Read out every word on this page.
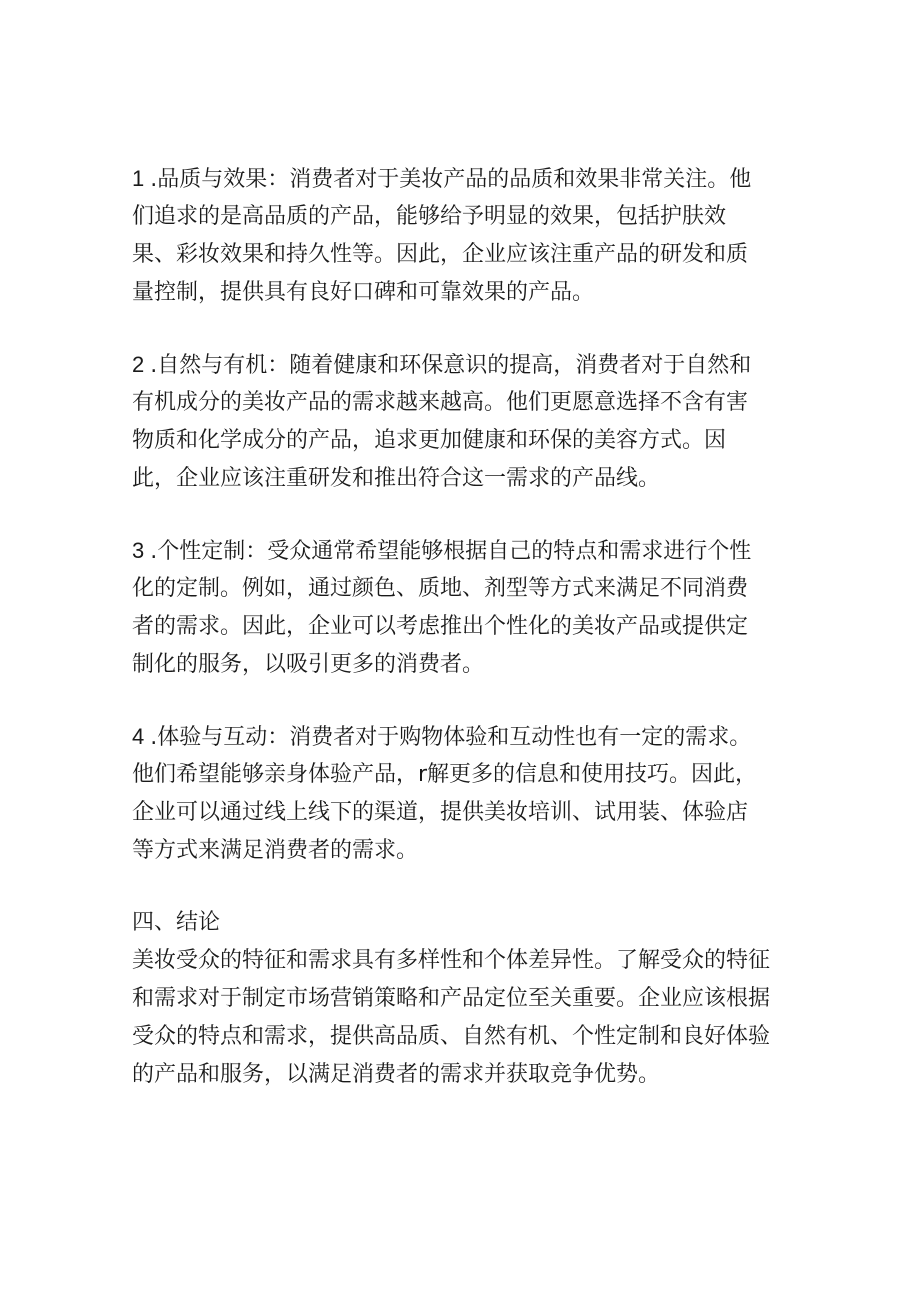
1 .品质与效果：消费者对于美妆产品的品质和效果非常关注。他
们追求的是高品质的产品，能够给予明显的效果，包括护肤效
果、彩妆效果和持久性等。因此，企业应该注重产品的研发和质
量控制，提供具有良好口碑和可靠效果的产品。
2 .自然与有机：随着健康和环保意识的提高，消费者对于自然和
有机成分的美妆产品的需求越来越高。他们更愿意选择不含有害
物质和化学成分的产品，追求更加健康和环保的美容方式。因
此，企业应该注重研发和推出符合这一需求的产品线。
3 .个性定制：受众通常希望能够根据自己的特点和需求进行个性
化的定制。例如，通过颜色、质地、剂型等方式来满足不同消费
者的需求。因此，企业可以考虑推出个性化的美妆产品或提供定
制化的服务，以吸引更多的消费者。
4 .体验与互动：消费者对于购物体验和互动性也有一定的需求。
他们希望能够亲身体验产品，r解更多的信息和使用技巧。因此，
企业可以通过线上线下的渠道，提供美妆培训、试用装、体验店
等方式来满足消费者的需求。
四、结论
美妆受众的特征和需求具有多样性和个体差异性。了解受众的特征
和需求对于制定市场营销策略和产品定位至关重要。企业应该根据
受众的特点和需求，提供高品质、自然有机、个性定制和良好体验
的产品和服务，以满足消费者的需求并获取竞争优势。
